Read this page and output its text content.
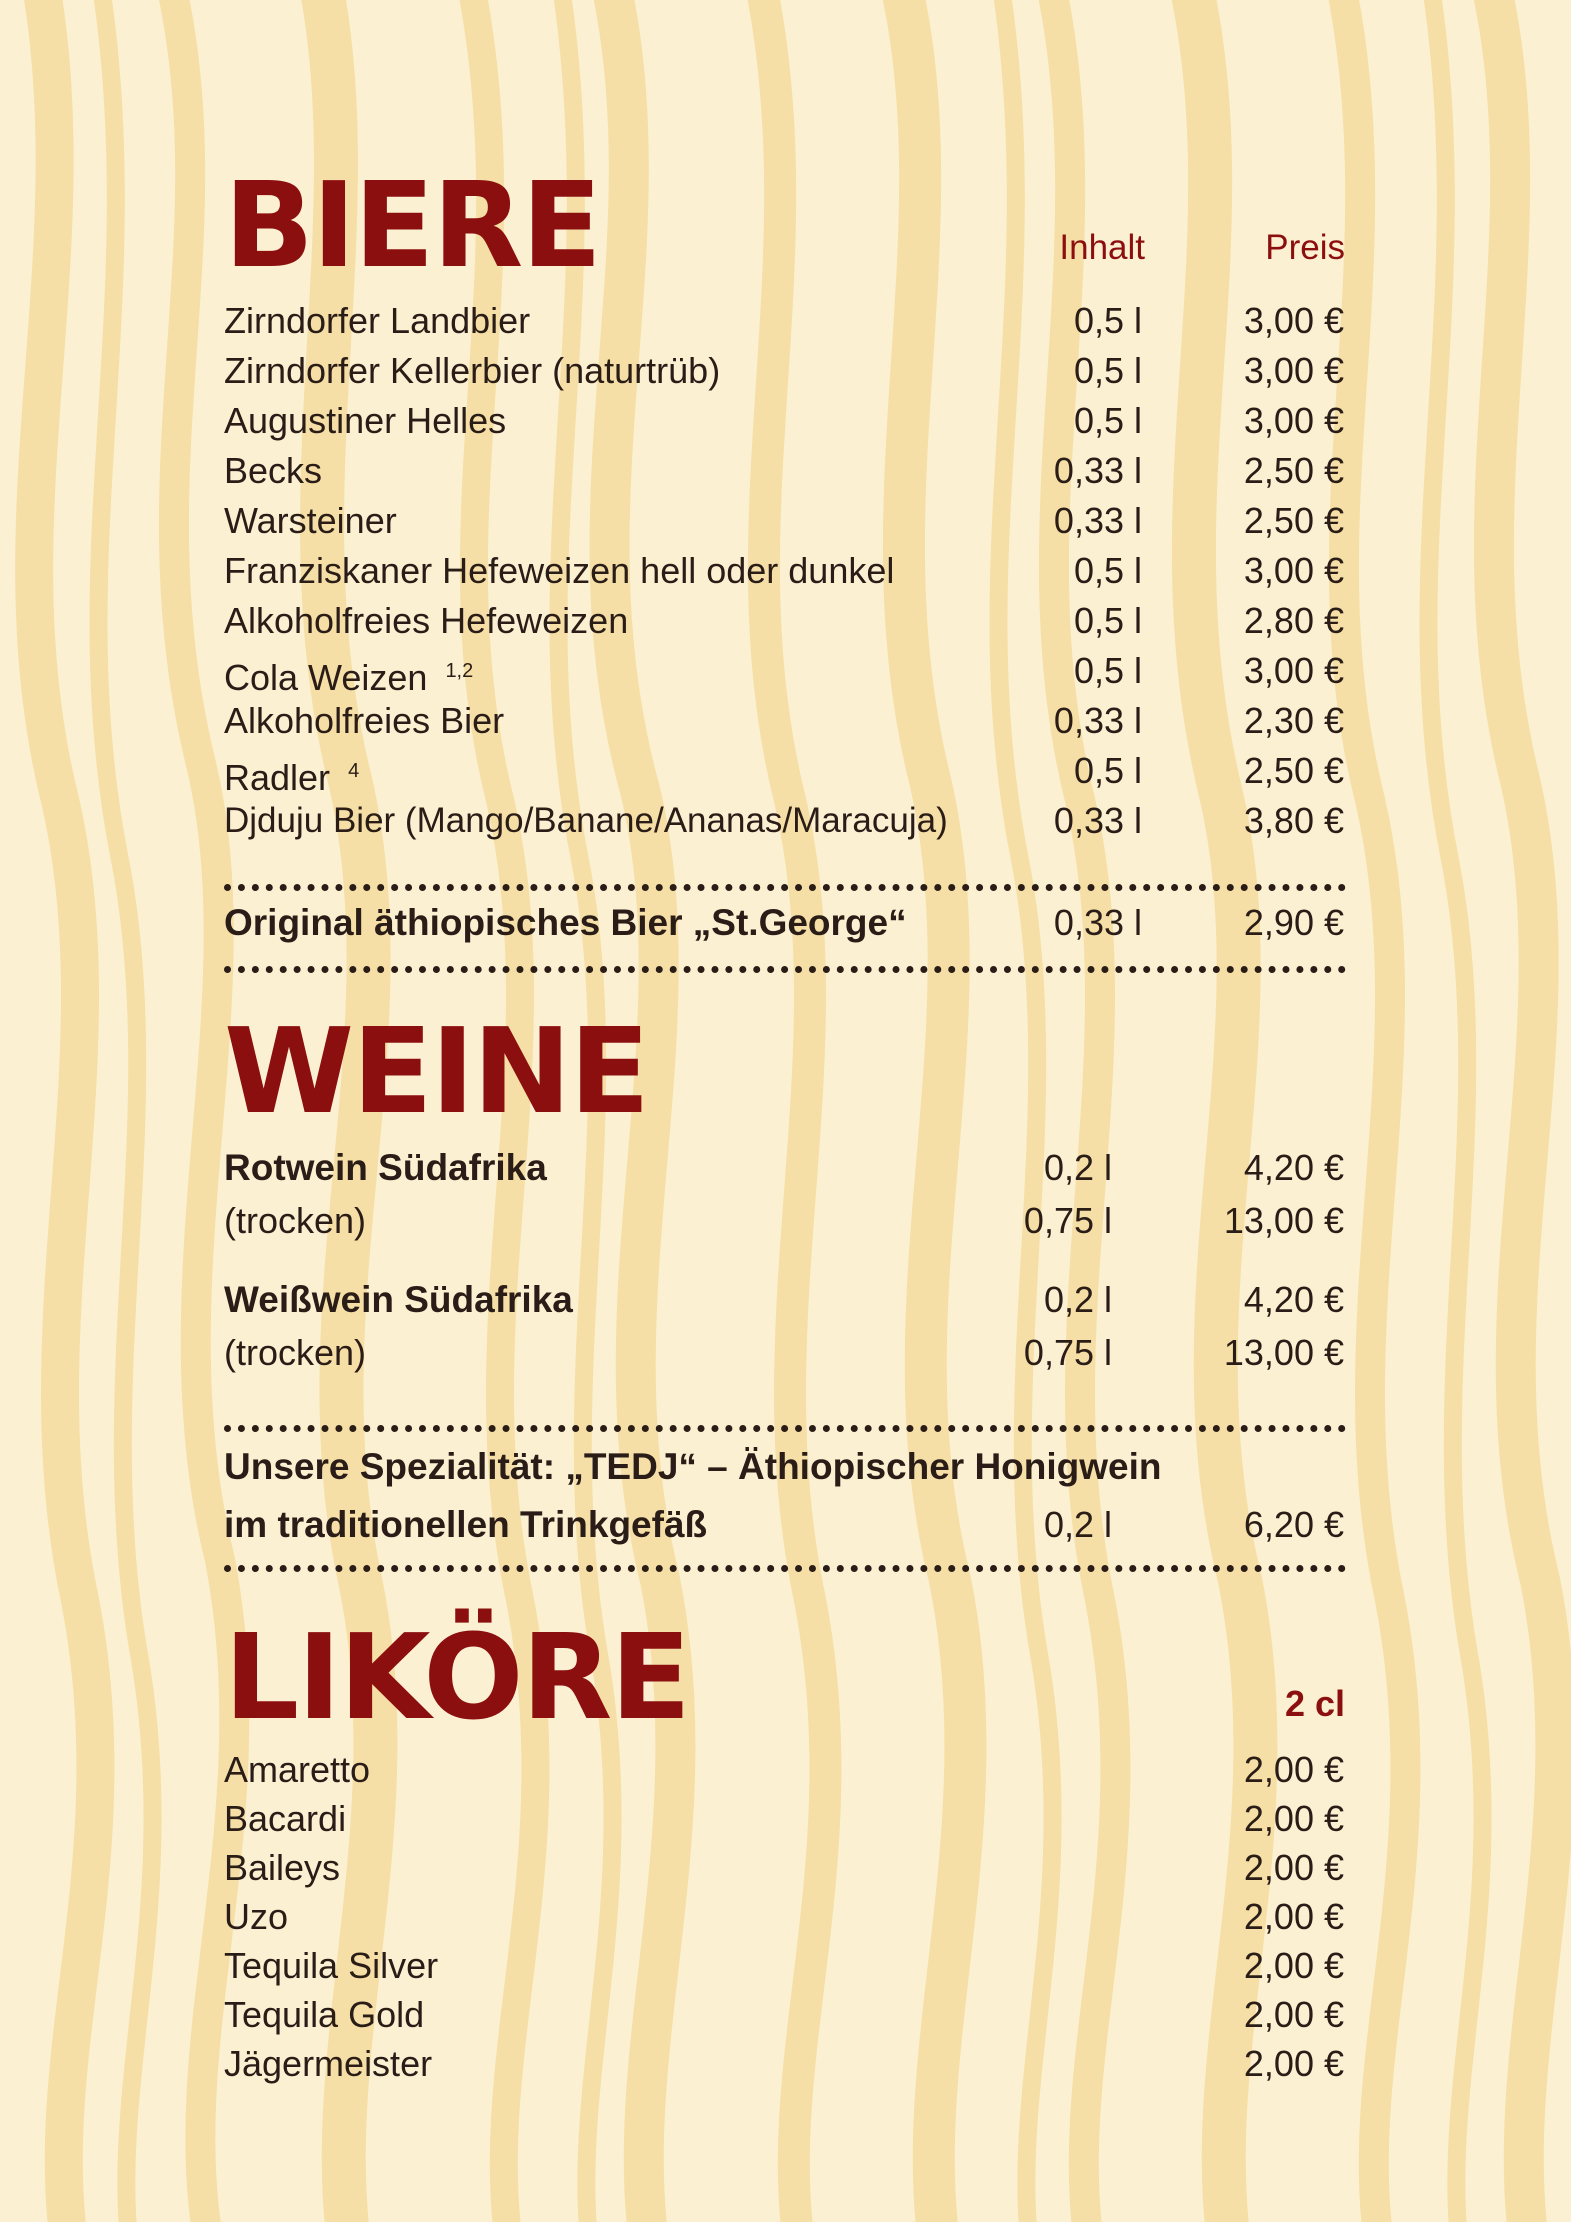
BIERE	Inhalt	Preis
Zirndorfer Landbier	0,5 l	3,00 €
Zirndorfer Kellerbier (naturtrüb)	0,5 l	3,00 €
Augustiner Helles	0,5 l	3,00 €
Becks	0,33 l	2,50 €
Warsteiner	0,33 l	2,50 €
Franziskaner Hefeweizen hell oder dunkel	0,5 l	3,00 €
Alkoholfreies Hefeweizen	0,5 l	2,80 €
Cola Weizen $^{1,2}$	0,5 l	3,00 €
Alkoholfreies Bier	0,33 l	2,30 €
Radler $^4$	0,5 l	2,50 €
Djduju Bier (Mango/Banane/Ananas/Maracuja)	0,33 l	3,80 €
Original äthiopisches Bier „St.George“	0,33 l	2,90 €
WEINE
Rotwein Südafrika	0,2 l	4,20 €
(trocken)	0,75 l	13,00 €
Weißwein Südafrika	0,2 l	4,20 €
(trocken)	0,75 l	13,00 €
Unsere Spezialität: „TEDJ“ – Äthiopischer Honigwein
im traditionellen Trinkgefäß	0,2 l	6,20 €
LIKÖRE	2 cl
Amaretto	2,00 €
Bacardi	2,00 €
Baileys	2,00 €
Uzo	2,00 €
Tequila Silver	2,00 €
Tequila Gold	2,00 €
Jägermeister	2,00 €
